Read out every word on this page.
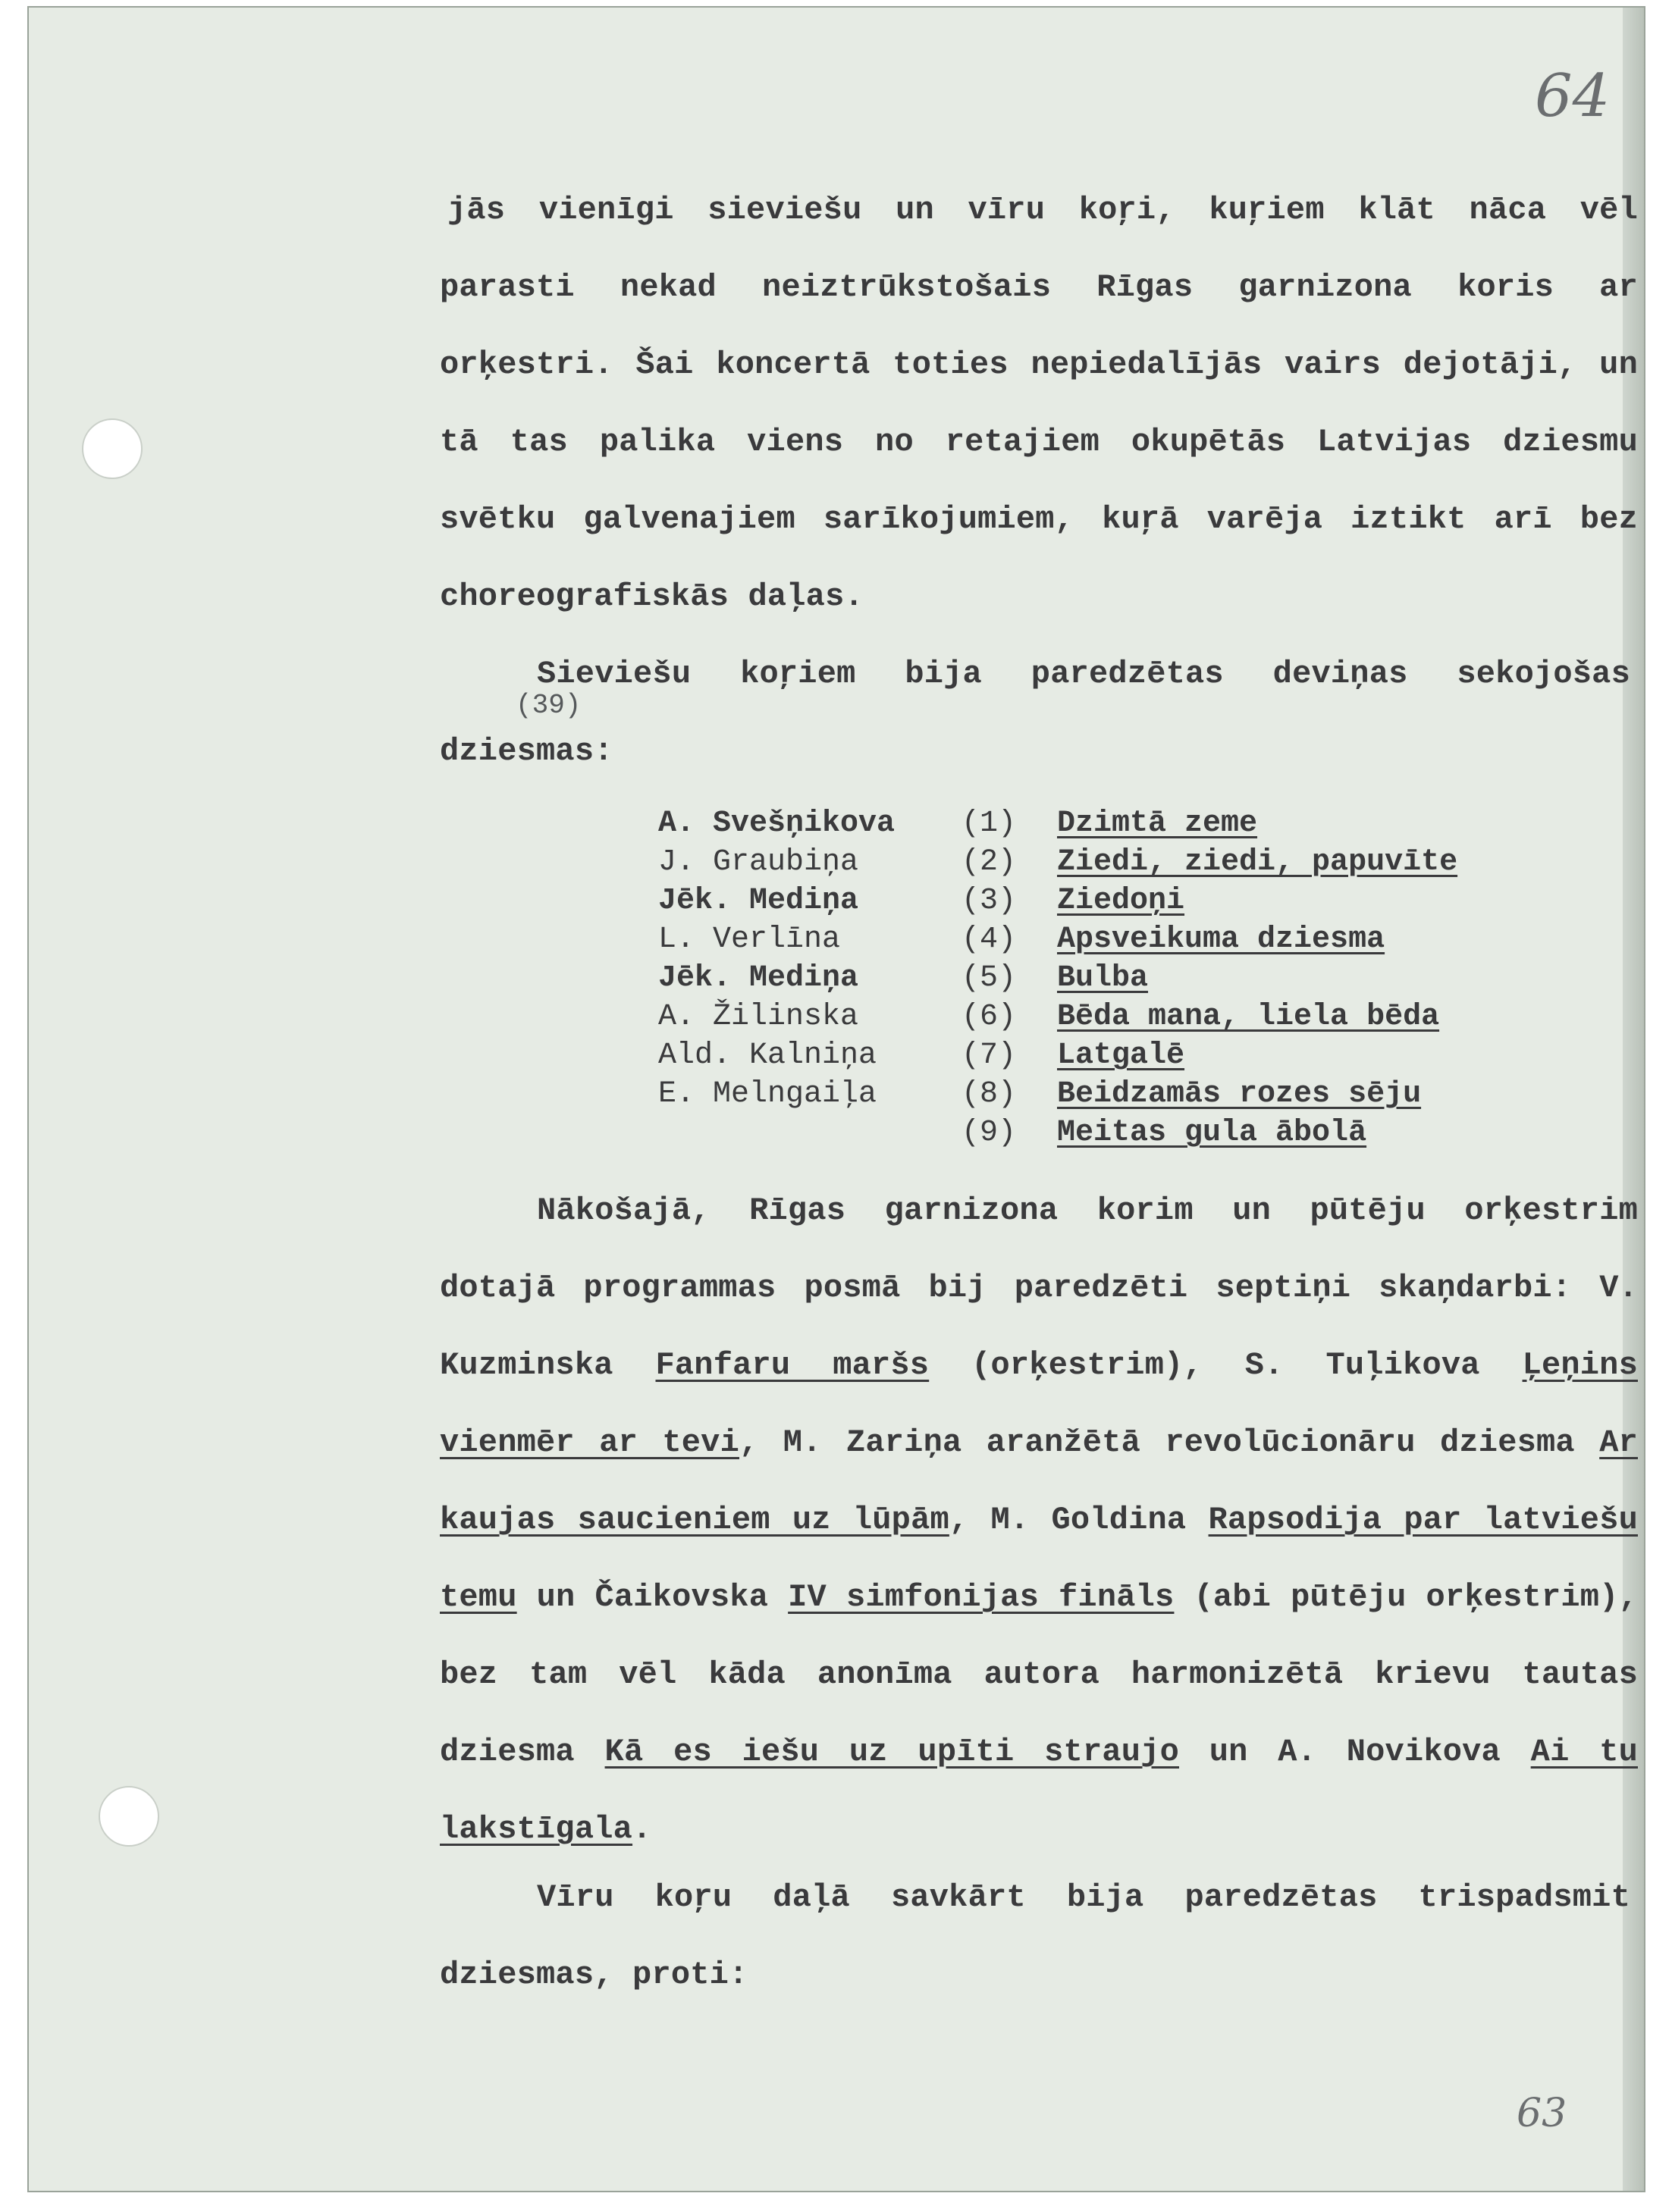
64

jās vienīgi sieviešu un vīru koŗi, kuŗiem klāt nāca vēl parasti nekad neiztrūkstošais Rīgas garnizona koris ar orķestri. Šai koncertā toties nepiedalījās vairs dejotāji, un tā tas palika viens no retajiem okupētās Latvijas dziesmu svētku galvenajiem sarīkojumiem, kuŗā varēja iztikt arī bez choreografiskās daļas.

Sieviešu koŗiem bija paredzētas deviņas sekojošas dziesmas:

(39)
A. Svešņikova (1) Dzimtā zeme
J. Graubiņa	(2) Ziedi, ziedi, papuvīte
Jēk. Mediņa	(3) Ziedoņi
L. Verlīna	(4) Apsveikuma dziesma
Jēk. Mediņa	(5) Bulba
A. Žilinska	(6) Bēda mana, liela bēda
Ald. Kalniņa	(7) Latgalē
E. Melngaiļa	(8) Beidzamās rozes sēju
(9) Meitas gula ābolā

Nākošajā, Rīgas garnizona korim un pūtēju orķestrim dotajā programmas posmā bij paredzēti septiņi skaņdarbi: V. Kuzminska Fanfaru maršs (orķestrim), S. Tuļikova Ļeņins vienmēr ar tevi, M. Zariņa aranžētā revolūcionāru dziesma Ar kaujas saucieniem uz lūpām, M. Goldina Rapsodija par latviešu temu un Čaikovska IV simfonijas fināls (abi pūtēju orķestrim), bez tam vēl kāda anonīma autora harmonizētā krievu tautas dziesma Kā es iešu uz upīti straujo un A. Novikova Ai tu lakstīgala.

Vīru koŗu daļā savkārt bija paredzētas trispadsmit dziesmas, proti:

63
